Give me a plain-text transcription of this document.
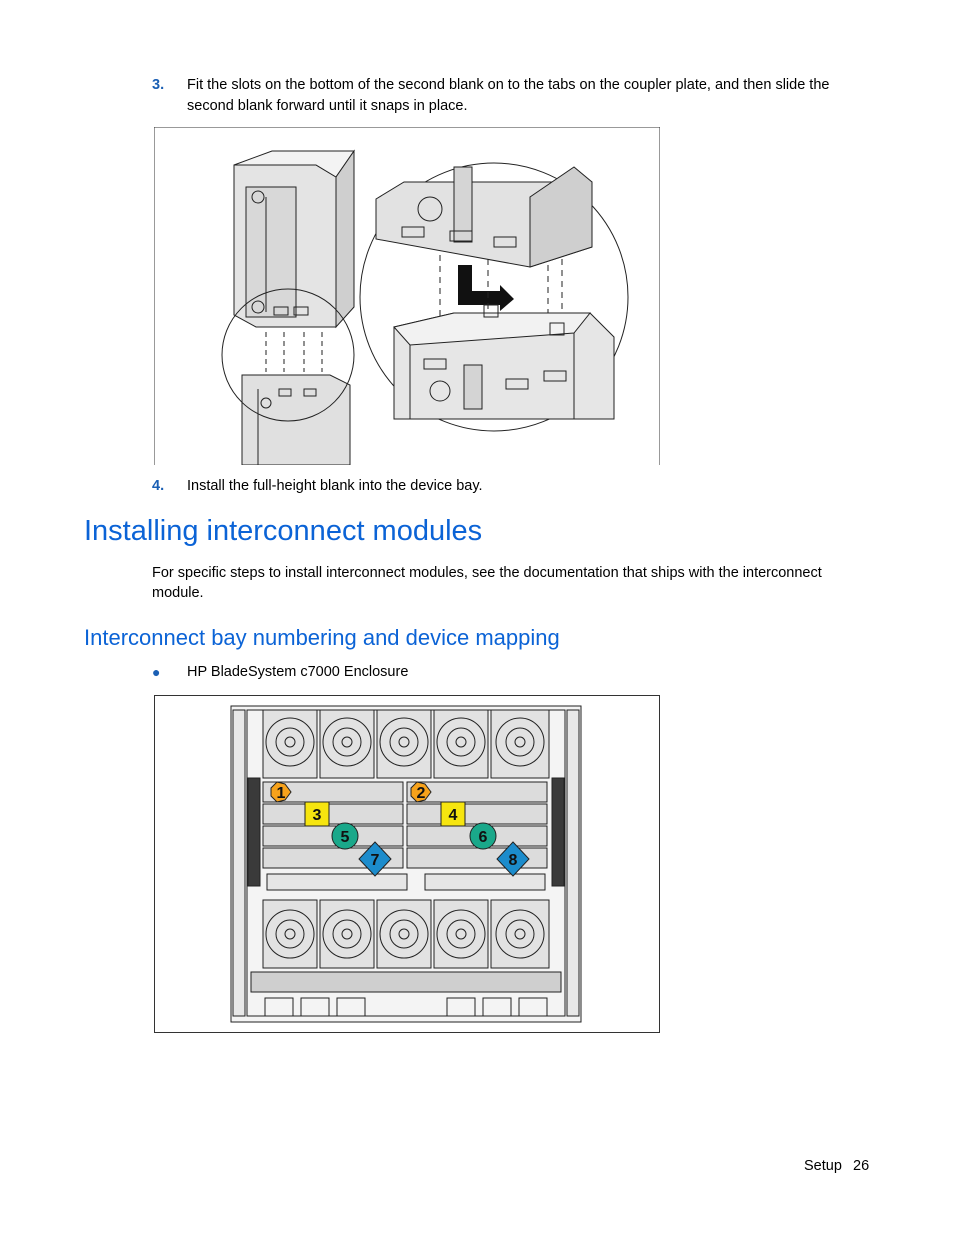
3. Fit the slots on the bottom of the second blank on to the tabs on the coupler plate, and then slide the second blank forward until it snaps in place.
4. Install the full-height blank into the device bay.
Installing interconnect modules
For specific steps to install interconnect modules, see the documentation that ships with the interconnect module.
Interconnect bay numbering and device mapping
● HP BladeSystem c7000 Enclosure
1	2
3	4
5	6
7	8
Setup 26
